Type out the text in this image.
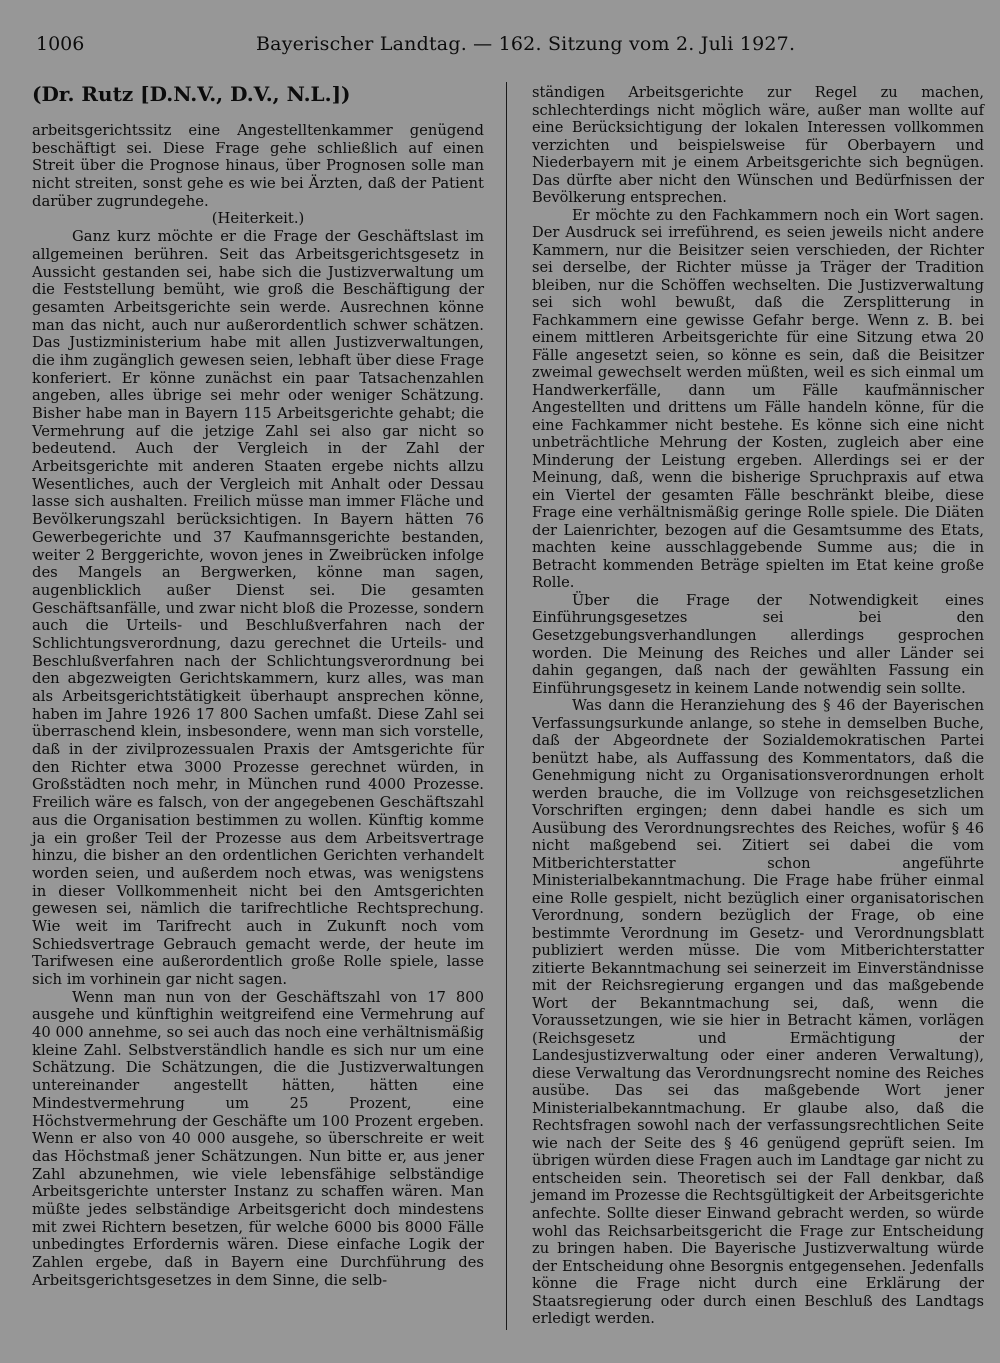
1006	Bayerischer Landtag. — 162. Sitzung vom 2. Juli 1927.
(Dr. Rutz [D.N.V., D.V., N.L.])

arbeitsgerichtssitz eine Angestelltenkammer genügend beschäftigt sei. Diese Frage gehe schließlich auf einen Streit über die Prognose hinaus, über Prognosen solle man nicht streiten, sonst gehe es wie bei Ärzten, daß der Patient darüber zugrundegehe.

(Heiterkeit.)

Ganz kurz möchte er die Frage der Geschäftslast im allgemeinen berühren. Seit das Arbeitsgerichtsgesetz in Aussicht gestanden sei, habe sich die Justizverwaltung um die Feststellung bemüht, wie groß die Beschäftigung der gesamten Arbeitsgerichte sein werde. Ausrechnen könne man das nicht, auch nur außerordentlich schwer schätzen. Das Justizministerium habe mit allen Justizverwaltungen, die ihm zugänglich gewesen seien, lebhaft über diese Frage konferiert. Er könne zunächst ein paar Tatsachenzahlen angeben, alles übrige sei mehr oder weniger Schätzung. Bisher habe man in Bayern 115 Arbeitsgerichte gehabt; die Vermehrung auf die jetzige Zahl sei also gar nicht so bedeutend. Auch der Vergleich in der Zahl der Arbeitsgerichte mit anderen Staaten ergebe nichts allzu Wesentliches, auch der Vergleich mit Anhalt oder Dessau lasse sich aushalten. Freilich müsse man immer Fläche und Bevölkerungszahl berücksichtigen. In Bayern hätten 76 Gewerbegerichte und 37 Kaufmannsgerichte bestanden, weiter 2 Berggerichte, wovon jenes in Zweibrücken infolge des Mangels an Bergwerken, könne man sagen, augenblicklich außer Dienst sei. Die gesamten Geschäftsanfälle, und zwar nicht bloß die Prozesse, sondern auch die Urteils- und Beschlußverfahren nach der Schlichtungsverordnung, dazu gerechnet die Urteils- und Beschlußverfahren nach der Schlichtungsverordnung bei den abgezweigten Gerichtskammern, kurz alles, was man als Arbeitsgerichtstätigkeit überhaupt ansprechen könne, haben im Jahre 1926 17 800 Sachen umfaßt. Diese Zahl sei überraschend klein, insbesondere, wenn man sich vorstelle, daß in der zivilprozessualen Praxis der Amtsgerichte für den Richter etwa 3000 Prozesse gerechnet würden, in Großstädten noch mehr, in München rund 4000 Prozesse. Freilich wäre es falsch, von der angegebenen Geschäftszahl aus die Organisation bestimmen zu wollen. Künftig komme ja ein großer Teil der Prozesse aus dem Arbeitsvertrage hinzu, die bisher an den ordentlichen Gerichten verhandelt worden seien, und außerdem noch etwas, was wenigstens in dieser Vollkommenheit nicht bei den Amtsgerichten gewesen sei, nämlich die tarifrechtliche Rechtsprechung. Wie weit im Tarifrecht auch in Zukunft noch vom Schiedsvertrage Gebrauch gemacht werde, der heute im Tarifwesen eine außerordentlich große Rolle spiele, lasse sich im vorhinein gar nicht sagen.

Wenn man nun von der Geschäftszahl von 17 800 ausgehe und künftighin weitgreifend eine Vermehrung auf 40 000 annehme, so sei auch das noch eine verhältnismäßig kleine Zahl. Selbstverständlich handle es sich nur um eine Schätzung. Die Schätzungen, die die Justizverwaltungen untereinander angestellt hätten, hätten eine Mindestvermehrung um 25 Prozent, eine Höchstvermehrung der Geschäfte um 100 Prozent ergeben. Wenn er also von 40 000 ausgehe, so überschreite er weit das Höchstmaß jener Schätzungen. Nun bitte er, aus jener Zahl abzunehmen, wie viele lebensfähige selbständige Arbeitsgerichte unterster Instanz zu schaffen wären. Man müßte jedes selbständige Arbeitsgericht doch mindestens mit zwei Richtern besetzen, für welche 6000 bis 8000 Fälle unbedingtes Erfordernis wären. Diese einfache Logik der Zahlen ergebe, daß in Bayern eine Durchführung des Arbeitsgerichtsgesetzes in dem Sinne, die selb-

ständigen Arbeitsgerichte zur Regel zu machen, schlechterdings nicht möglich wäre, außer man wollte auf eine Berücksichtigung der lokalen Interessen vollkommen verzichten und beispielsweise für Oberbayern und Niederbayern mit je einem Arbeitsgerichte sich begnügen. Das dürfte aber nicht den Wünschen und Bedürfnissen der Bevölkerung entsprechen.

Er möchte zu den Fachkammern noch ein Wort sagen. Der Ausdruck sei irreführend, es seien jeweils nicht andere Kammern, nur die Beisitzer seien verschieden, der Richter sei derselbe, der Richter müsse ja Träger der Tradition bleiben, nur die Schöffen wechselten. Die Justizverwaltung sei sich wohl bewußt, daß die Zersplitterung in Fachkammern eine gewisse Gefahr berge. Wenn z. B. bei einem mittleren Arbeitsgerichte für eine Sitzung etwa 20 Fälle angesetzt seien, so könne es sein, daß die Beisitzer zweimal gewechselt werden müßten, weil es sich einmal um Handwerkerfälle, dann um Fälle kaufmännischer Angestellten und drittens um Fälle handeln könne, für die eine Fachkammer nicht bestehe. Es könne sich eine nicht unbeträchtliche Mehrung der Kosten, zugleich aber eine Minderung der Leistung ergeben. Allerdings sei er der Meinung, daß, wenn die bisherige Spruchpraxis auf etwa ein Viertel der gesamten Fälle beschränkt bleibe, diese Frage eine verhältnismäßig geringe Rolle spiele. Die Diäten der Laienrichter, bezogen auf die Gesamtsumme des Etats, machten keine ausschlaggebende Summe aus; die in Betracht kommenden Beträge spielten im Etat keine große Rolle.

Über die Frage der Notwendigkeit eines Einführungsgesetzes sei bei den Gesetzgebungsverhandlungen allerdings gesprochen worden. Die Meinung des Reiches und aller Länder sei dahin gegangen, daß nach der gewählten Fassung ein Einführungsgesetz in keinem Lande notwendig sein sollte.

Was dann die Heranziehung des § 46 der Bayerischen Verfassungsurkunde anlange, so stehe in demselben Buche, daß der Abgeordnete der Sozialdemokratischen Partei benützt habe, als Auffassung des Kommentators, daß die Genehmigung nicht zu Organisationsverordnungen erholt werden brauche, die im Vollzuge von reichsgesetzlichen Vorschriften ergingen; denn dabei handle es sich um Ausübung des Verordnungsrechtes des Reiches, wofür § 46 nicht maßgebend sei. Zitiert sei dabei die vom Mitberichterstatter schon angeführte Ministerialbekanntmachung. Die Frage habe früher einmal eine Rolle gespielt, nicht bezüglich einer organisatorischen Verordnung, sondern bezüglich der Frage, ob eine bestimmte Verordnung im Gesetz- und Verordnungsblatt publiziert werden müsse. Die vom Mitberichterstatter zitierte Bekanntmachung sei seinerzeit im Einverständnisse mit der Reichsregierung ergangen und das maßgebende Wort der Bekanntmachung sei, daß, wenn die Voraussetzungen, wie sie hier in Betracht kämen, vorlägen (Reichsgesetz und Ermächtigung der Landesjustizverwaltung oder einer anderen Verwaltung), diese Verwaltung das Verordnungsrecht nomine des Reiches ausübe. Das sei das maßgebende Wort jener Ministerialbekanntmachung. Er glaube also, daß die Rechtsfragen sowohl nach der verfassungsrechtlichen Seite wie nach der Seite des § 46 genügend geprüft seien. Im übrigen würden diese Fragen auch im Landtage gar nicht zu entscheiden sein. Theoretisch sei der Fall denkbar, daß jemand im Prozesse die Rechtsgültigkeit der Arbeitsgerichte anfechte. Sollte dieser Einwand gebracht werden, so würde wohl das Reichsarbeitsgericht die Frage zur Entscheidung zu bringen haben. Die Bayerische Justizverwaltung würde der Entscheidung ohne Besorgnis entgegensehen. Jedenfalls könne die Frage nicht durch eine Erklärung der Staatsregierung oder durch einen Beschluß des Landtags erledigt werden.
